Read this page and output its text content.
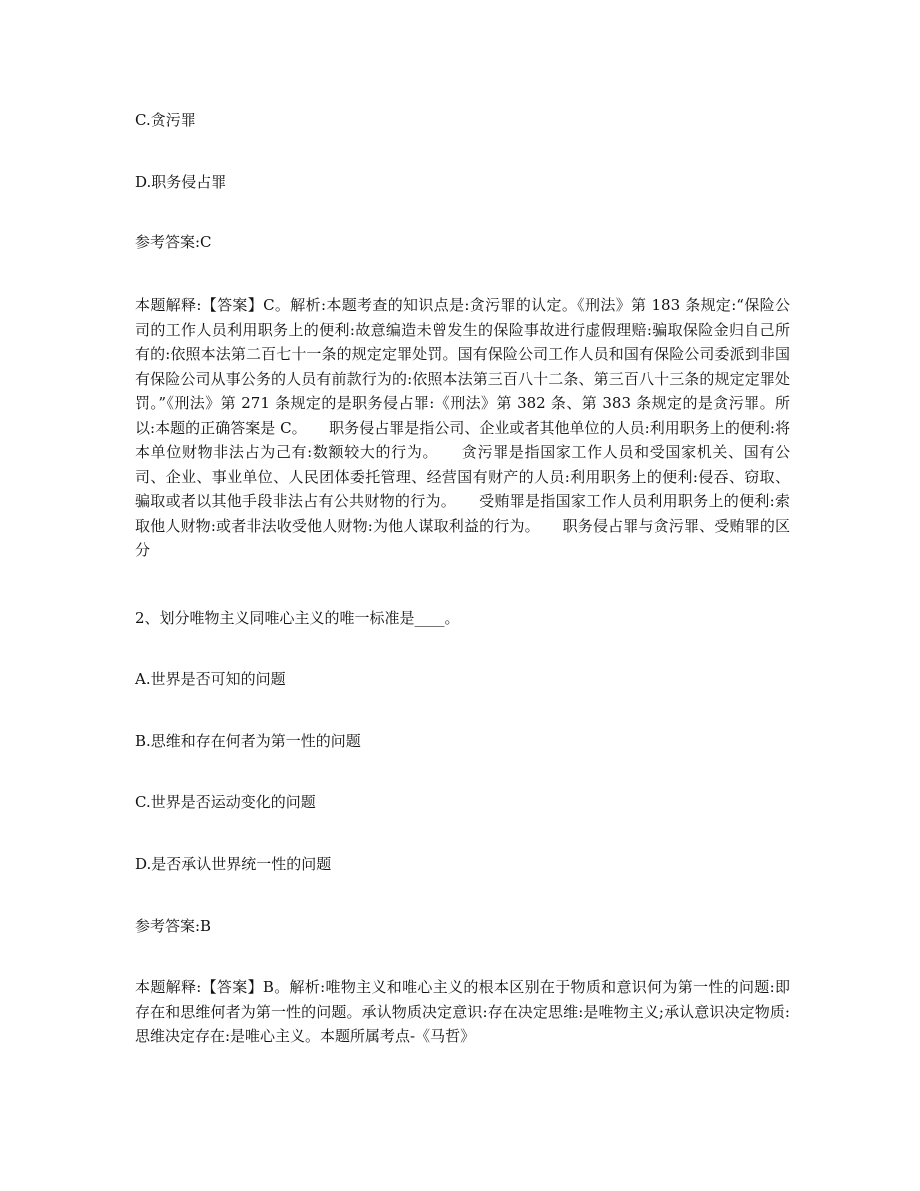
C.贪污罪
D.职务侵占罪
参考答案:C
本题解释:【答案】C。解析:本题考查的知识点是:贪污罪的认定。《刑法》第 183 条规定:“保险公司的工作人员利用职务上的便利:故意编造未曾发生的保险事故进行虚假理赔:骗取保险金归自己所有的:依照本法第二百七十一条的规定定罪处罚。国有保险公司工作人员和国有保险公司委派到非国有保险公司从事公务的人员有前款行为的:依照本法第三百八十二条、第三百八十三条的规定定罪处罚。”《刑法》第 271 条规定的是职务侵占罪:《刑法》第 382 条、第 383 条规定的是贪污罪。所以:本题的正确答案是 C。　　职务侵占罪是指公司、企业或者其他单位的人员:利用职务上的便利:将本单位财物非法占为己有:数额较大的行为。　　贪污罪是指国家工作人员和受国家机关、国有公司、企业、事业单位、人民团体委托管理、经营国有财产的人员:利用职务上的便利:侵吞、窃取、骗取或者以其他手段非法占有公共财物的行为。　　受贿罪是指国家工作人员利用职务上的便利:索取他人财物:或者非法收受他人财物:为他人谋取利益的行为。　　职务侵占罪与贪污罪、受贿罪的区分
2、划分唯物主义同唯心主义的唯一标准是____。
A.世界是否可知的问题
B.思维和存在何者为第一性的问题
C.世界是否运动变化的问题
D.是否承认世界统一性的问题
参考答案:B
本题解释:【答案】B。解析:唯物主义和唯心主义的根本区别在于物质和意识何为第一性的问题:即存在和思维何者为第一性的问题。承认物质决定意识:存在决定思维:是唯物主义;承认意识决定物质:思维决定存在:是唯心主义。本题所属考点-《马哲》
